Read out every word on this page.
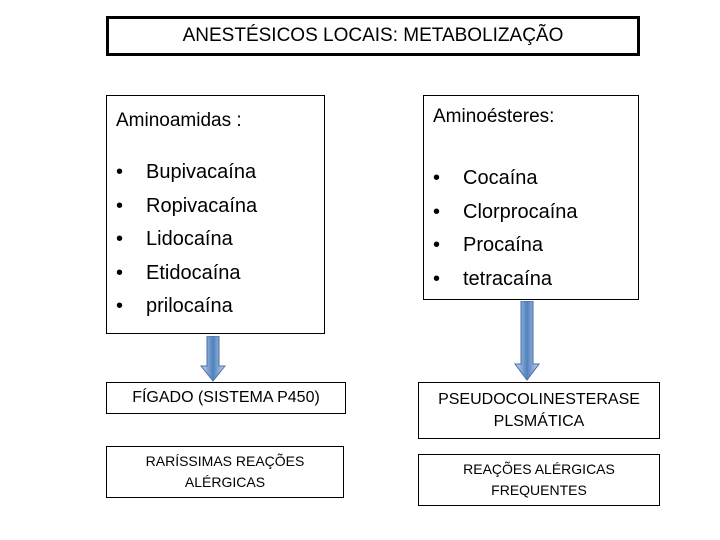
ANESTÉSICOS LOCAIS: METABOLIZAÇÃO
Aminoamidas :
•	Bupivacaína
•	Ropivacaína
•	Lidocaína
•	Etidocaína
•	prilocaína
Aminoésteres:
•	Cocaína
•	Clorprocaína
•	Procaína
•	tetracaína
FÍGADO (SISTEMA P450)	PSEUDOCOLINESTERASE
PLSMÁTICA
RARÍSSIMAS REAÇÕES
ALÉRGICAS
REAÇÕES ALÉRGICAS
FREQUENTES
